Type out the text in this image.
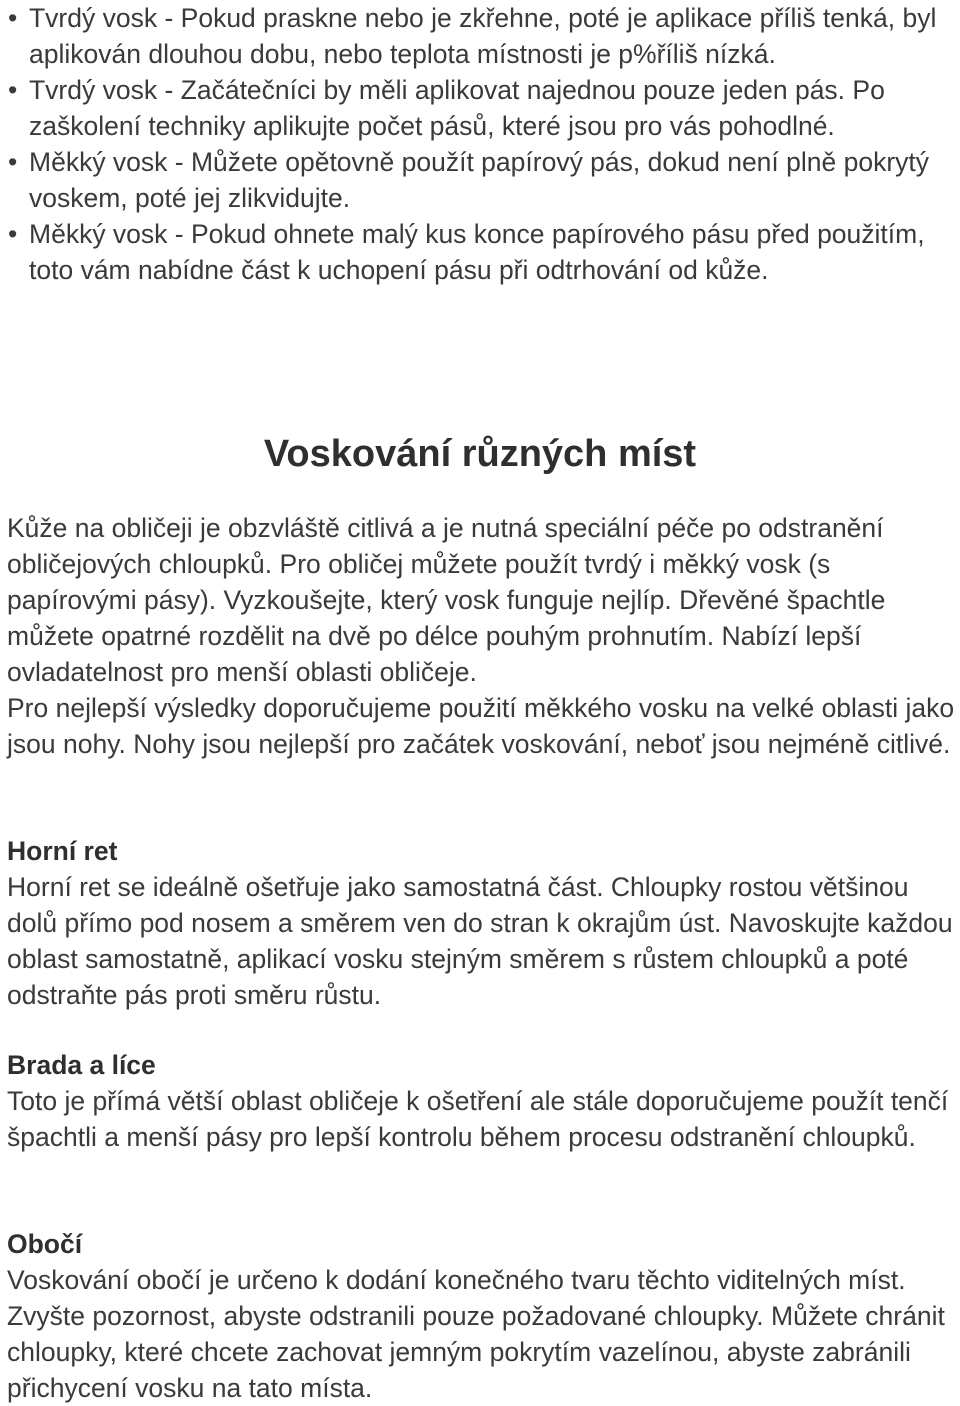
• Tvrdý vosk - Pokud praskne nebo je zkřehne, poté je aplikace příliš tenká, byl aplikován dlouhou dobu, nebo teplota místnosti je p%říliš nízká.
• Tvrdý vosk - Začátečníci by měli aplikovat najednou pouze jeden pás. Po zaškolení techniky aplikujte počet pásů, které jsou pro vás pohodlné.
• Měkký vosk - Můžete opětovně použít papírový pás, dokud není plně pokrytý voskem, poté jej zlikvidujte.
• Měkký vosk - Pokud ohnete malý kus konce papírového pásu před použitím, toto vám nabídne část k uchopení pásu při odtrhování od kůže.
Voskování různých míst

Kůže na obličeji je obzvláště citlivá a je nutná speciální péče po odstranění obličejových chloupků. Pro obličej můžete použít tvrdý i měkký vosk (s papírovými pásy). Vyzkoušejte, který vosk funguje nejlíp. Dřevěné špachtle můžete opatrné rozdělit na dvě po délce pouhým prohnutím. Nabízí lepší ovladatelnost pro menší oblasti obličeje.

Pro nejlepší výsledky doporučujeme použití měkkého vosku na velké oblasti jako jsou nohy. Nohy jsou nejlepší pro začátek voskování, neboť jsou nejméně citlivé.

Horní ret
Horní ret se ideálně ošetřuje jako samostatná část. Chloupky rostou většinou dolů přímo pod nosem a směrem ven do stran k okrajům úst. Navoskujte každou oblast samostatně, aplikací vosku stejným směrem s růstem chloupků a poté odstraňte pás proti směru růstu.
Brada a líce
Toto je přímá větší oblast obličeje k ošetření ale stále doporučujeme použít tenčí špachtli a menší pásy pro lepší kontrolu během procesu odstranění chloupků.
Obočí
Voskování obočí je určeno k dodání konečného tvaru těchto viditelných míst. Zvyšte pozornost, abyste odstranili pouze požadované chloupky. Můžete chránit chloupky, které chcete zachovat jemným pokrytím vazelínou, abyste zabránili přichycení vosku na tato místa.
